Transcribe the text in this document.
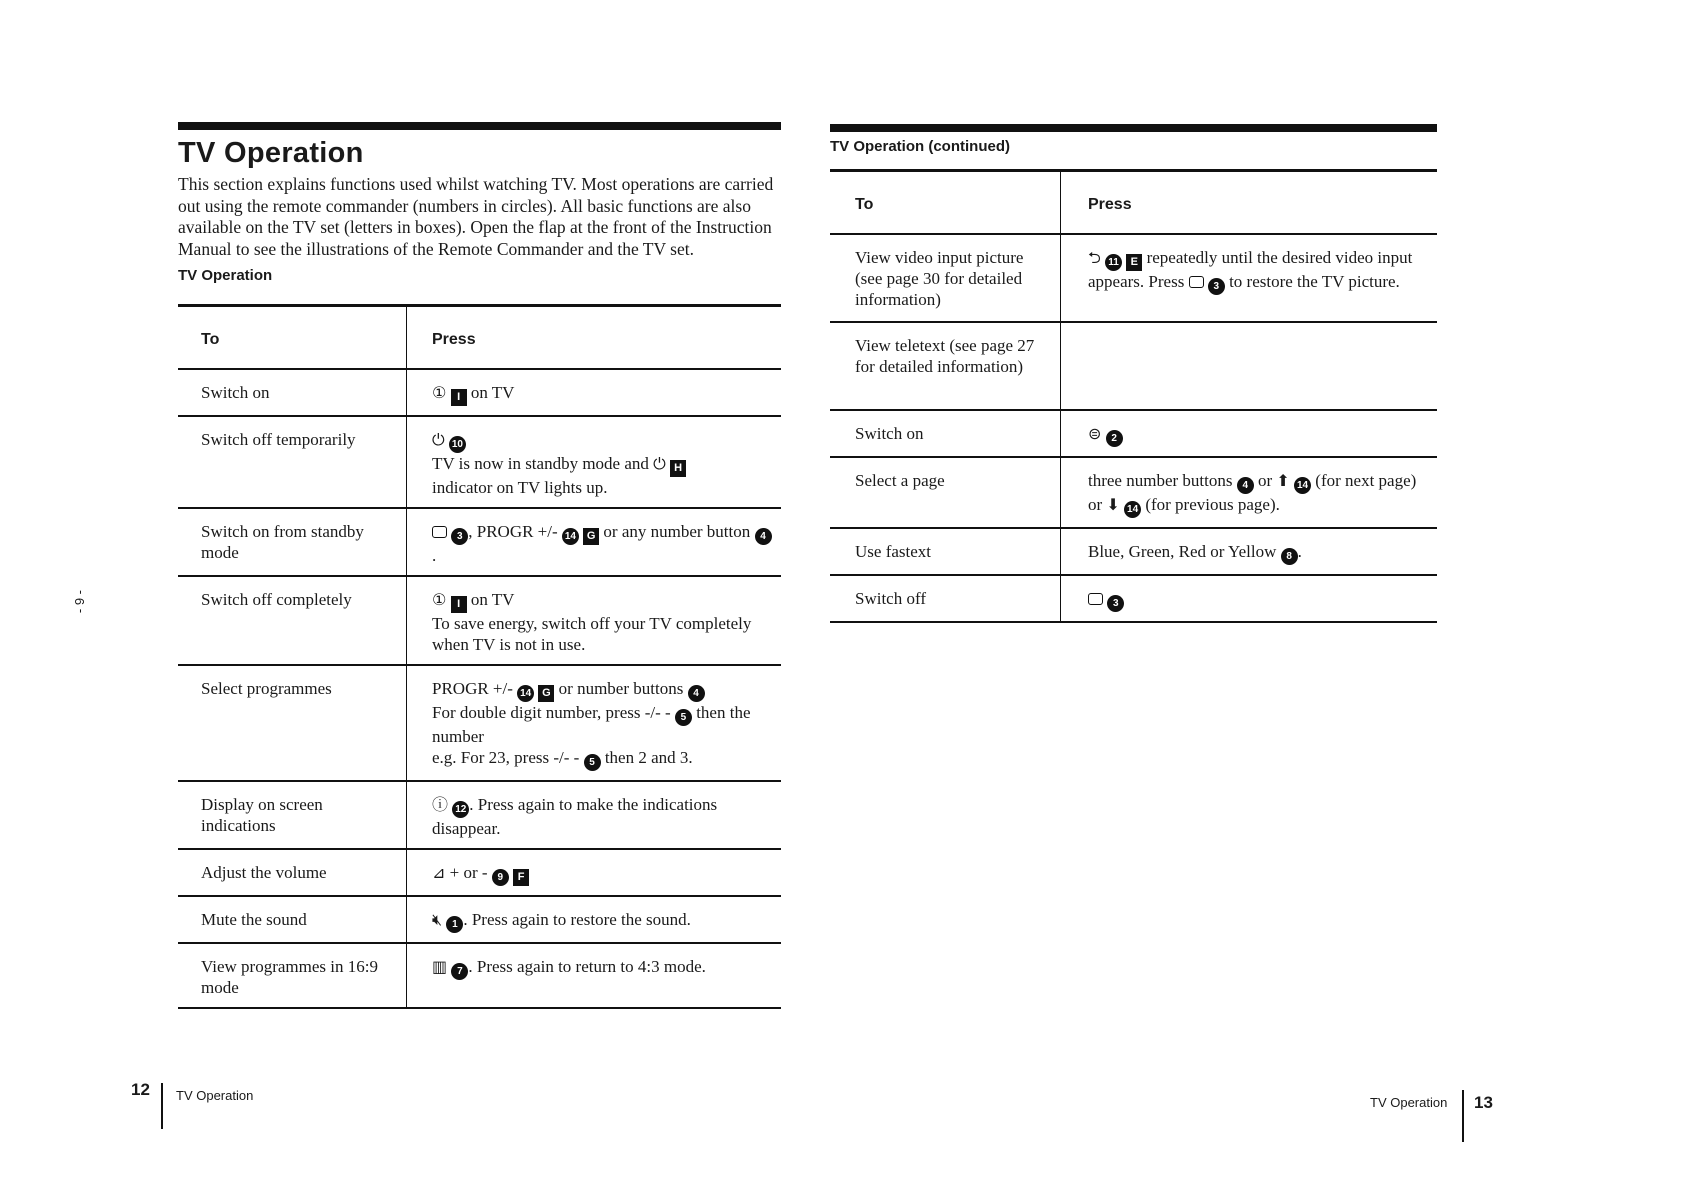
TV Operation
This section explains functions used whilst watching TV. Most operations are carried out using the remote commander (numbers in circles). All basic functions are also available on the TV set (letters in boxes). Open the flap at the front of the Instruction Manual to see the illustrations of the Remote Commander and the TV set.
TV Operation
To	Press
Switch on	① I on TV
Switch off temporarily	⏻ 10
TV is now in standby mode and ⏻ H
indicator on TV lights up.
Switch on from standby mode	3 , PROGR +/- 14 G or any number button 4.
Switch off completely	① I on TV
To save energy, switch off your TV completely when TV is not in use.
Select programmes	PROGR +/- 14 G or number buttons 4
For double digit number, press -/- - 5 then the number
e.g. For 23, press -/- - 5 then 2 and 3.
Display on screen indications	ⓘ 12 . Press again to make the indications disappear.
Adjust the volume	⊿ + or - 9 F
Mute the sound	🔇︎ 1 . Press again to restore the sound.
View programmes in 16:9 mode	▥ 7 . Press again to return to 4:3 mode.
TV Operation (continued)
To	Press
View video input picture (see page 30 for detailed information)	⮌ 11 E repeatedly until the desired video input appears. Press 3 to restore the TV picture.
View teletext (see page 27 for detailed information)	
Switch on	⊜ 2
Select a page	three number buttons 4 or ⬆ 14 (for next page) or ⬇ 14 (for previous page).
Use fastext	Blue, Green, Red or Yellow 8 .
Switch off	3
- 9 -
12 TV Operation	TV Operation 13
